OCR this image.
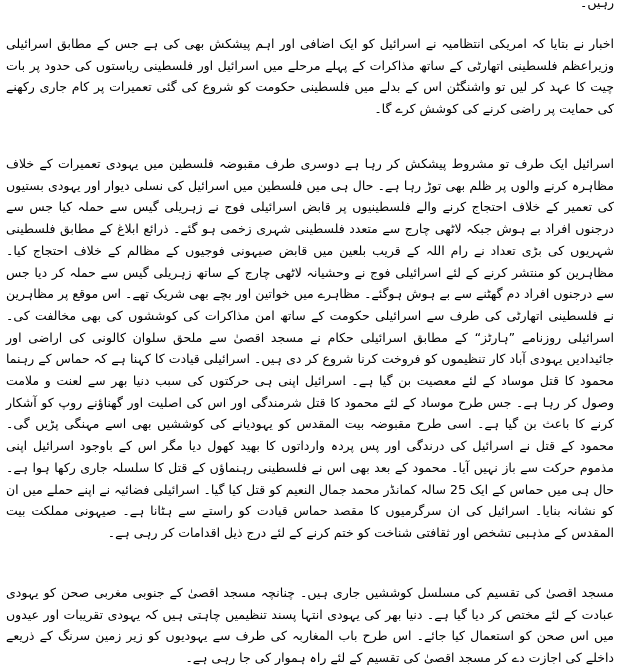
رہیں۔

اخبار نے بتایا کہ امریکی انتظامیہ نے اسرائیل کو ایک اضافی اور اہم پیشکش بھی کی ہے جس کے مطابق اسرائیلی وزیراعظم فلسطینی اتھارٹی کے ساتھ مذاکرات کے پہلے مرحلے میں اسرائیل اور فلسطینی ریاستوں کی حدود پر بات چیت کا عہد کر لیں تو واشنگٹن اس کے بدلے میں فلسطینی حکومت کو شروع کی گئی تعمیرات پر کام جاری رکھنے کی حمایت پر راضی کرنے کی کوشش کرے گا۔

اسرائیل ایک طرف تو مشروط پیشکش کر رہا ہے دوسری طرف مقبوضہ فلسطین میں یہودی تعمیرات کے خلاف مظاہرہ کرنے والوں پر ظلم بھی توڑ رہا ہے۔ حال ہی میں فلسطین میں اسرائیل کی نسلی دیوار اور یہودی بستیوں کی تعمیر کے خلاف احتجاج کرنے والے فلسطینیوں پر قابض اسرائیلی فوج نے زہریلی گیس سے حملہ کیا جس سے درجنوں افراد بے ہوش جبکہ لاٹھی چارج سے متعدد فلسطینی شہری زخمی ہو گئے۔ ذرائع ابلاغ کے مطابق فلسطینی شہریوں کی بڑی تعداد نے رام اللہ کے قریب بلعین میں قابض صیہونی فوجیوں کے مظالم کے خلاف احتجاج کیا۔ مظاہرین کو منتشر کرنے کے لئے اسرائیلی فوج نے وحشیانہ لاٹھی چارج کے ساتھ زہریلی گیس سے حملہ کر دیا جس سے درجنوں افراد دم گھٹنے سے بے ہوش ہوگئے۔ مظاہرے میں خواتین اور بچے بھی شریک تھے۔ اس موقع پر مظاہرین نے فلسطینی اتھارٹی کی طرف سے اسرائیلی حکومت کے ساتھ امن مذاکرات کی کوششوں کی بھی مخالفت کی۔ اسرائیلی روزنامے ”ہارٹز“ کے مطابق اسرائیلی حکام نے مسجد اقصیٰ سے ملحق سلوان کالونی کی اراضی اور جائیدادیں یہودی آباد کار تنظیموں کو فروخت کرنا شروع کر دی ہیں۔ اسرائیلی قیادت کا کہنا ہے کہ حماس کے رہنما محمود کا قتل موساد کے لئے معصیت بن گیا ہے۔ اسرائیل اپنی ہی حرکتوں کی سبب دنیا بھر سے لعنت و ملامت وصول کر رہا ہے۔ جس طرح موساد کے لئے محمود کا قتل شرمندگی اور اس کی اصلیت اور گھناؤنے روپ کو آشکار کرنے کا باعث بن گیا ہے۔ اسی طرح مقبوضہ بیت المقدس کو یہودیانے کی کوششیں بھی اسے مہنگی پڑیں گی۔ محمود کے قتل نے اسرائیل کی درندگی اور پس پردہ وارداتوں کا بھید کھول دیا مگر اس کے باوجود اسرائیل اپنی مذموم حرکت سے باز نہیں آیا۔ محمود کے بعد بھی اس نے فلسطینی رہنماؤں کے قتل کا سلسلہ جاری رکھا ہوا ہے۔ حال ہی میں حماس کے ایک 25 سالہ کمانڈر محمد جمال النعیم کو قتل کیا گیا۔ اسرائیلی فضائیہ نے اپنے حملے میں ان کو نشانہ بنایا۔ اسرائیل کی ان سرگرمیوں کا مقصد حماس قیادت کو راستے سے ہٹانا ہے۔ صیہونی مملکت بیت المقدس کے مذہبی تشخص اور ثقافتی شناخت کو ختم کرنے کے لئے درج ذیل اقدامات کر رہی ہے۔

مسجد اقصیٰ کی تقسیم کی مسلسل کوششیں جاری ہیں۔ چنانچہ مسجد اقصیٰ کے جنوبی مغربی صحن کو یہودی عبادت کے لئے مختص کر دیا گیا ہے۔ دنیا بھر کی یہودی انتہا پسند تنظیمیں چاہتی ہیں کہ یہودی تقریبات اور عیدوں میں اس صحن کو استعمال کیا جائے۔ اس طرح باب المغاربہ کی طرف سے یہودیوں کو زیر زمین سرنگ کے ذریعے داخلے کی اجازت دے کر مسجد اقصیٰ کی تقسیم کے لئے راہ ہموار کی جا رہی ہے۔
